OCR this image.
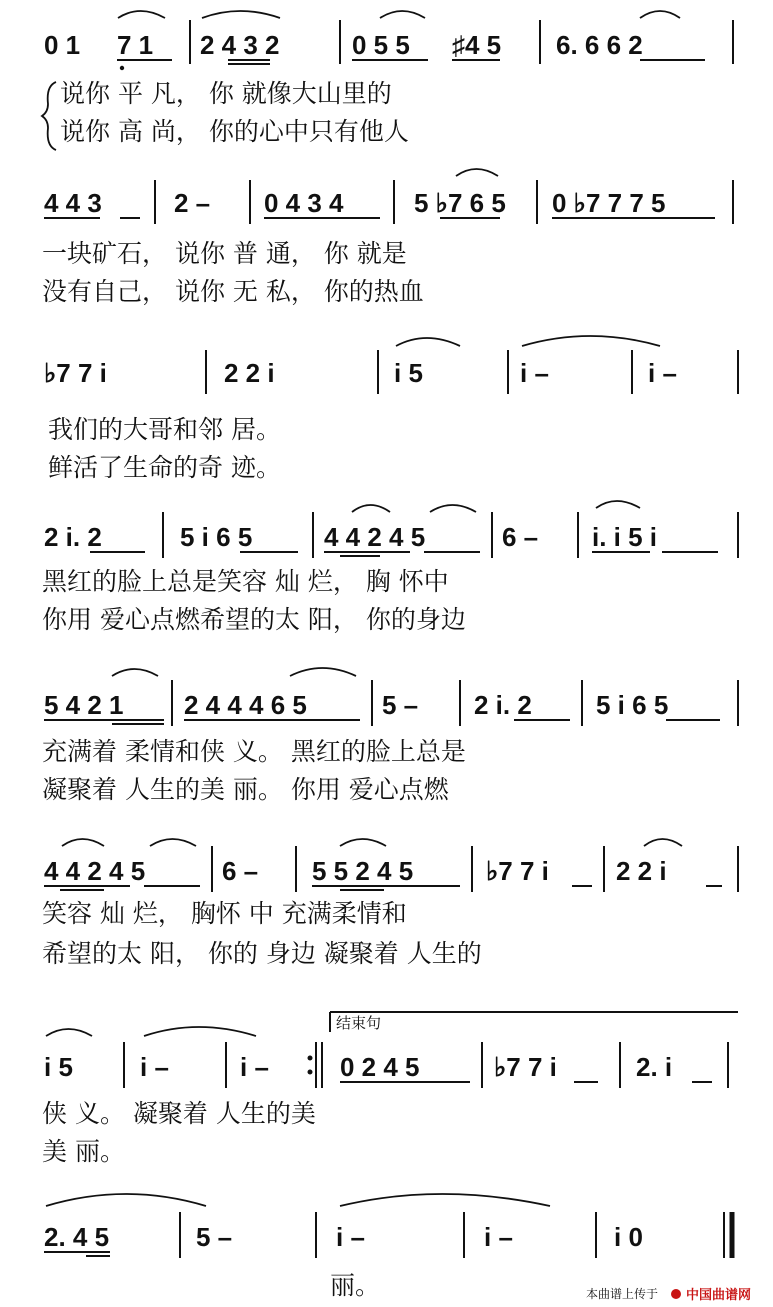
0 1 7 1 2 4 3 2	0 5 5 ♯4 5 6. 6 6 2
说你 平 凡， 你 就像大山里的
说你 高 尚， 你的心中只有他人
4 4 3	2 – 0 4 3 4	5 ♭7 6 5 0 ♭7 7 7 5
一块矿石， 说你 普 通， 你 就是
没有自己， 说你 无 私， 你的热血
♭7 7 i	2 2 i	i 5	i –	i –
我们的大哥和邻 居。
鲜活了生命的奇 迹。
2 i. 2	5 i 6 5	4 4 2 4 5	6 – i. i 5 i
黑红的脸上总是笑容 灿 烂， 胸 怀中
你用 爱心点燃希望的太 阳， 你的身边
5 4 2 1 2 4 4 4 6 5	5 – 2 i. 2 5 i 6 5
充满着 柔情和侠 义。 黑红的脸上总是
凝聚着 人生的美 丽。 你用 爱心点燃
4 4 2 4 5	6 – 5 5 2 4 5	♭7 7 i	2 2 i
笑容 灿 烂， 胸怀 中 充满柔情和
希望的太 阳， 你的 身边 凝聚着 人生的
结束句
i 5	i –	i –	0 2 4 5	♭7 7 i	2. i
侠 义。 凝聚着 人生的美
美 丽。
2. 4 5	5 –	i –	i –	i 0
丽。	本曲谱上传于 中国曲谱网
